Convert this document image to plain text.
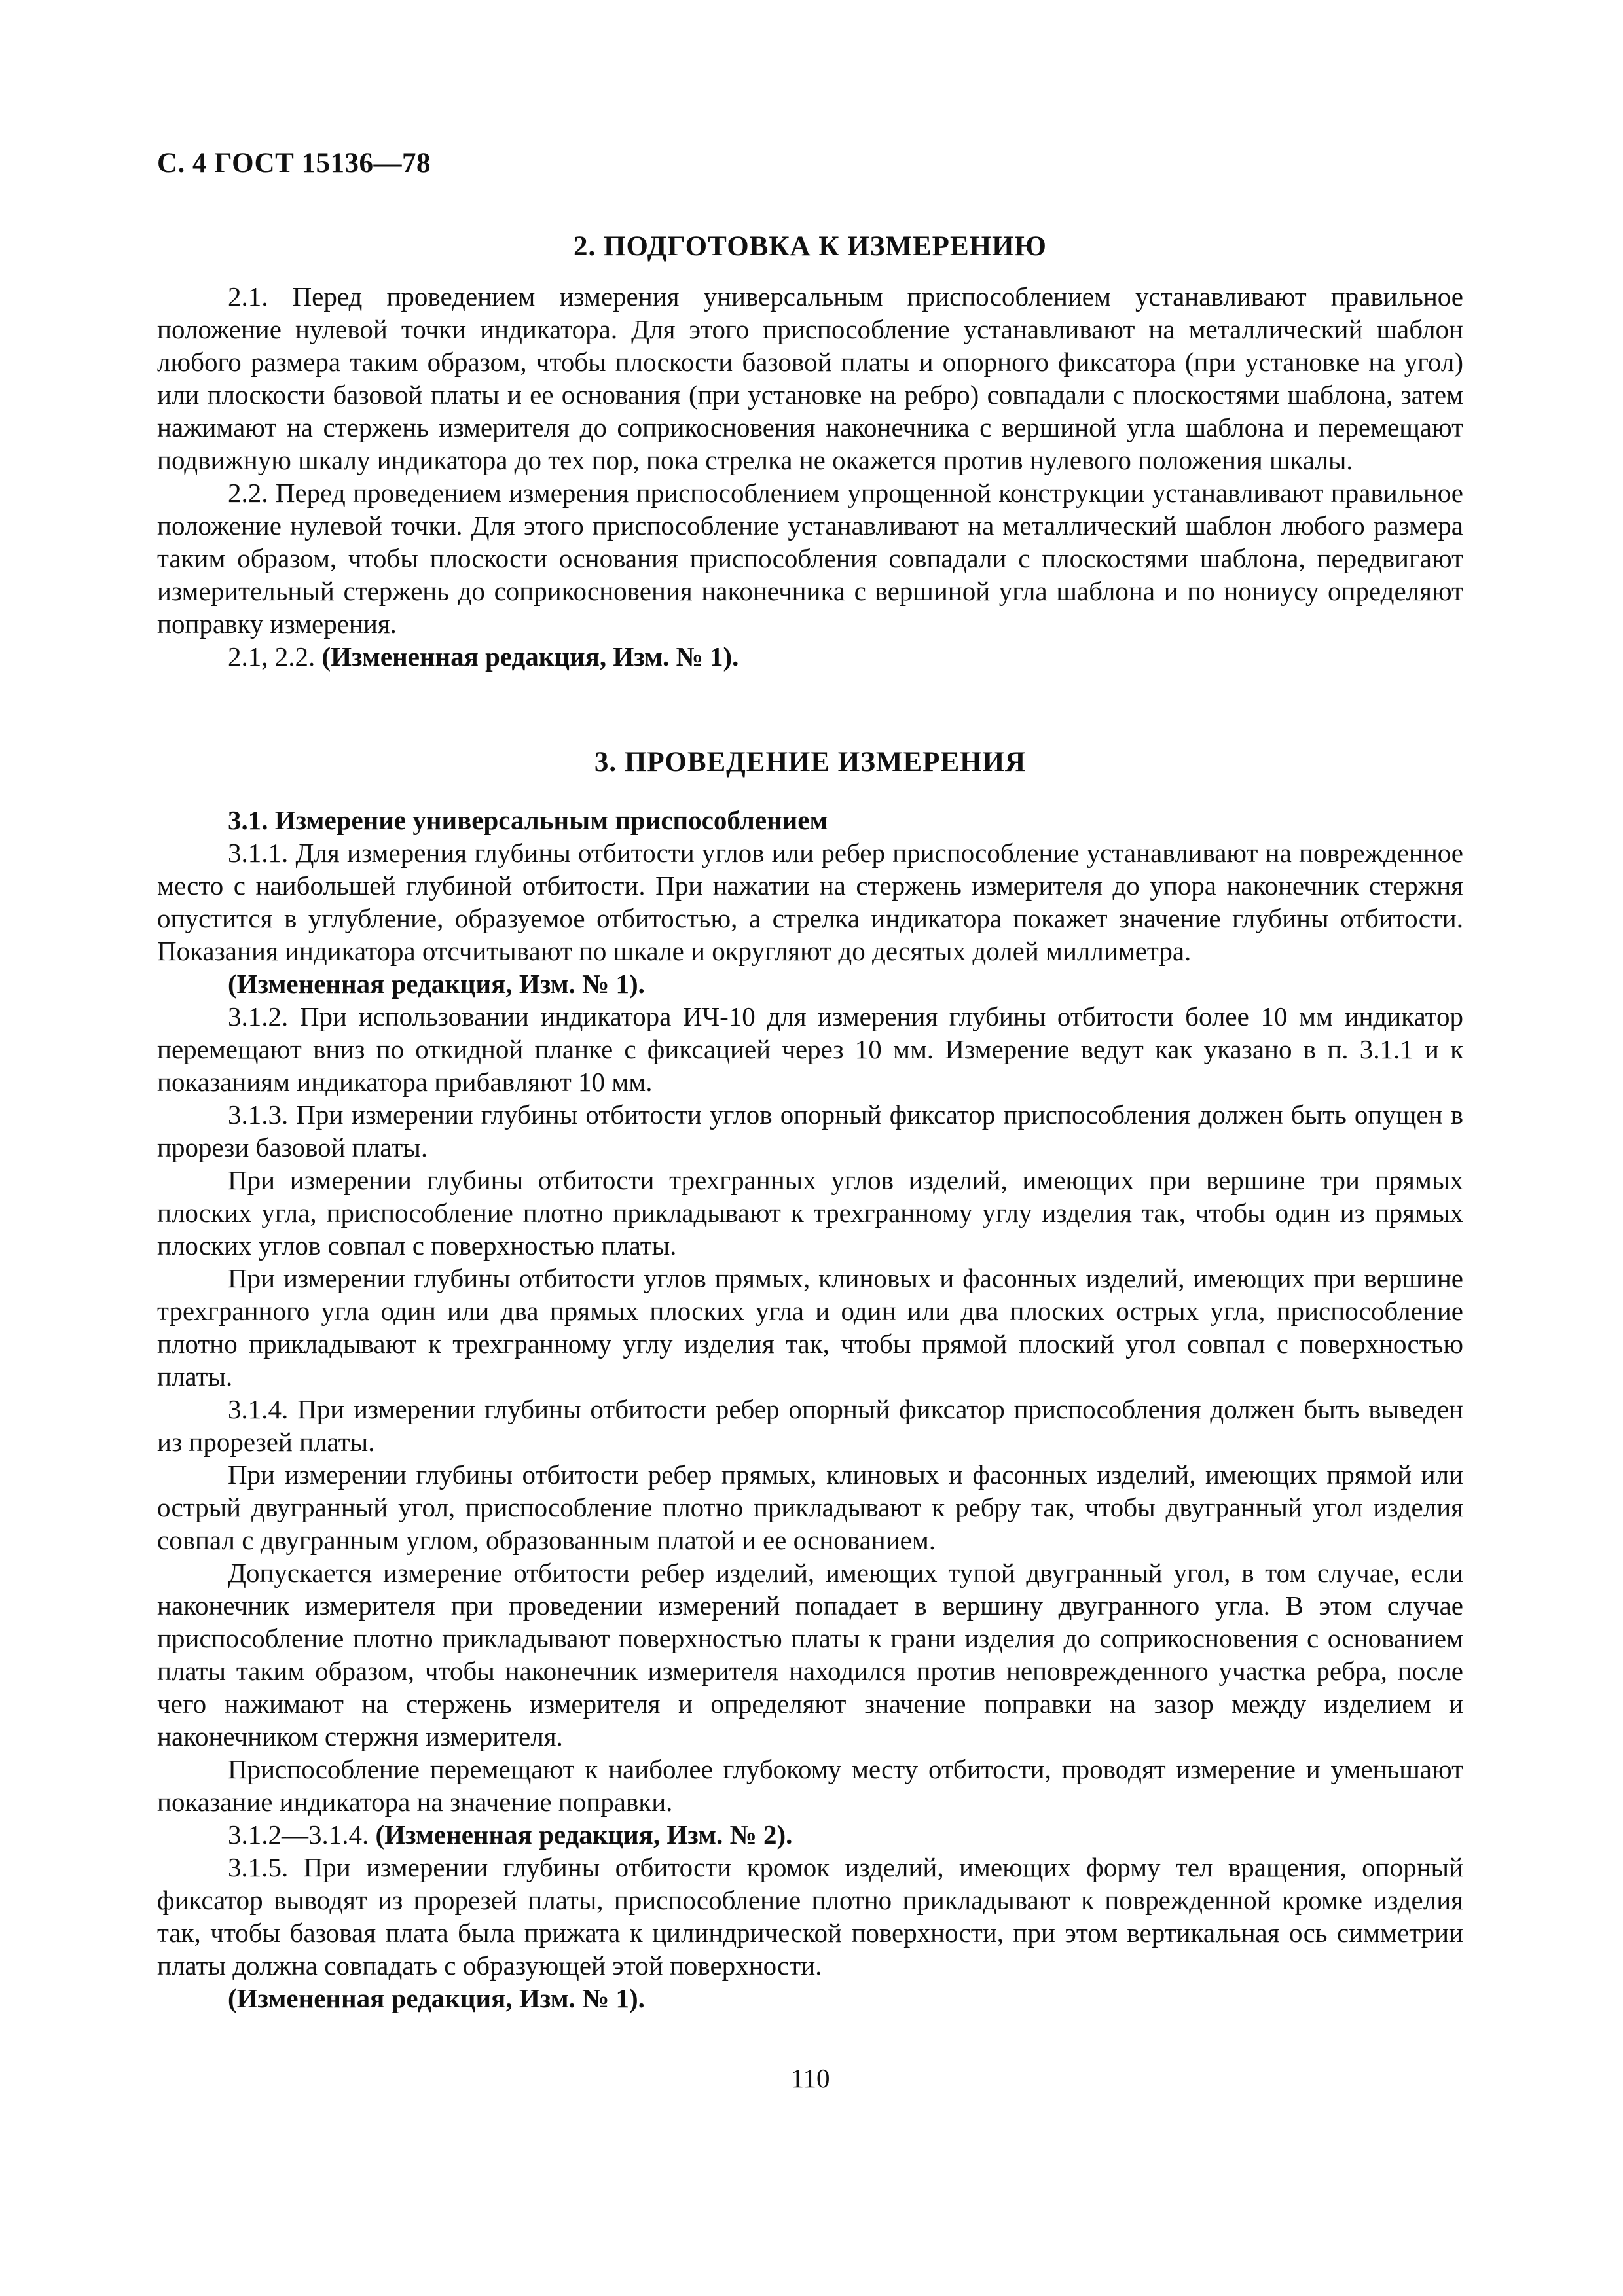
С. 4 ГОСТ 15136—78
2. ПОДГОТОВКА К ИЗМЕРЕНИЮ

2.1. Перед проведением измерения универсальным приспособлением устанавливают правильное положение нулевой точки индикатора. Для этого приспособление устанавливают на металлический шаблон любого размера таким образом, чтобы плоскости базовой платы и опорного фиксатора (при установке на угол) или плоскости базовой платы и ее основания (при установке на ребро) совпадали с плоскостями шаблона, затем нажимают на стержень измерителя до соприкосновения наконечника с вершиной угла шаблона и перемещают подвижную шкалу индикатора до тех пор, пока стрелка не окажется против нулевого положения шкалы.

2.2. Перед проведением измерения приспособлением упрощенной конструкции устанавливают правильное положение нулевой точки. Для этого приспособление устанавливают на металлический шаблон любого размера таким образом, чтобы плоскости основания приспособления совпадали с плоскостями шаблона, передвигают измерительный стержень до соприкосновения наконечника с вершиной угла шаблона и по нониусу определяют поправку измерения.

2.1, 2.2. (Измененная редакция, Изм. № 1).

3. ПРОВЕДЕНИЕ ИЗМЕРЕНИЯ

3.1. Измерение универсальным приспособлением

3.1.1. Для измерения глубины отбитости углов или ребер приспособление устанавливают на поврежденное место с наибольшей глубиной отбитости. При нажатии на стержень измерителя до упора наконечник стержня опустится в углубление, образуемое отбитостью, а стрелка индикатора покажет значение глубины отбитости. Показания индикатора отсчитывают по шкале и округляют до десятых долей миллиметра.

(Измененная редакция, Изм. № 1).

3.1.2. При использовании индикатора ИЧ-10 для измерения глубины отбитости более 10 мм индикатор перемещают вниз по откидной планке с фиксацией через 10 мм. Измерение ведут как указано в п. 3.1.1 и к показаниям индикатора прибавляют 10 мм.

3.1.3. При измерении глубины отбитости углов опорный фиксатор приспособления должен быть опущен в прорези базовой платы.

При измерении глубины отбитости трехгранных углов изделий, имеющих при вершине три прямых плоских угла, приспособление плотно прикладывают к трехгранному углу изделия так, чтобы один из прямых плоских углов совпал с поверхностью платы.

При измерении глубины отбитости углов прямых, клиновых и фасонных изделий, имеющих при вершине трехгранного угла один или два прямых плоских угла и один или два плоских острых угла, приспособление плотно прикладывают к трехгранному углу изделия так, чтобы прямой плоский угол совпал с поверхностью платы.

3.1.4. При измерении глубины отбитости ребер опорный фиксатор приспособления должен быть выведен из прорезей платы.

При измерении глубины отбитости ребер прямых, клиновых и фасонных изделий, имеющих прямой или острый двугранный угол, приспособление плотно прикладывают к ребру так, чтобы двугранный угол изделия совпал с двугранным углом, образованным платой и ее основанием.

Допускается измерение отбитости ребер изделий, имеющих тупой двугранный угол, в том случае, если наконечник измерителя при проведении измерений попадает в вершину двугранного угла. В этом случае приспособление плотно прикладывают поверхностью платы к грани изделия до соприкосновения с основанием платы таким образом, чтобы наконечник измерителя находился против неповрежденного участка ребра, после чего нажимают на стержень измерителя и определяют значение поправки на зазор между изделием и наконечником стержня измерителя.

Приспособление перемещают к наиболее глубокому месту отбитости, проводят измерение и уменьшают показание индикатора на значение поправки.

3.1.2—3.1.4. (Измененная редакция, Изм. № 2).

3.1.5. При измерении глубины отбитости кромок изделий, имеющих форму тел вращения, опорный фиксатор выводят из прорезей платы, приспособление плотно прикладывают к поврежденной кромке изделия так, чтобы базовая плата была прижата к цилиндрической поверхности, при этом вертикальная ось симметрии платы должна совпадать с образующей этой поверхности.

(Измененная редакция, Изм. № 1).

110
